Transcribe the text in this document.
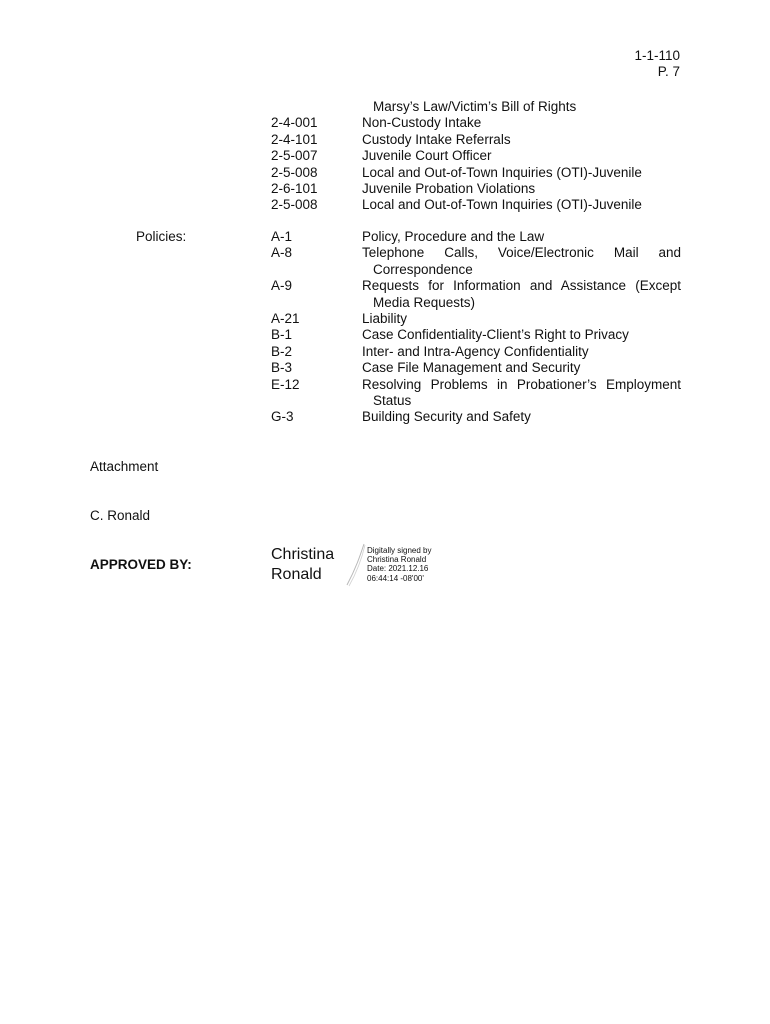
1-1-110
P. 7
Marsy’s Law/Victim’s Bill of Rights
2-4-001	Non-Custody Intake
2-4-101	Custody Intake Referrals
2-5-007	Juvenile Court Officer
2-5-008	Local and Out-of-Town Inquiries (OTI)-Juvenile
2-6-101	Juvenile Probation Violations
2-5-008	Local and Out-of-Town Inquiries (OTI)-Juvenile
Policies:	A-1	Policy, Procedure and the Law
A-8	Telephone Calls, Voice/Electronic Mail and
Correspondence
A-9	Requests for Information and Assistance (Except
Media Requests)
A-21	Liability
B-1	Case Confidentiality-Client’s Right to Privacy
B-2	Inter- and Intra-Agency Confidentiality
B-3	Case File Management and Security
E-12	Resolving Problems in Probationer’s Employment
Status
G-3	Building Security and Safety
Attachment
C. Ronald
APPROVED BY:
Christina
Ronald
Digitally signed by
Christina Ronald
Date: 2021.12.16
06:44:14 -08'00'
